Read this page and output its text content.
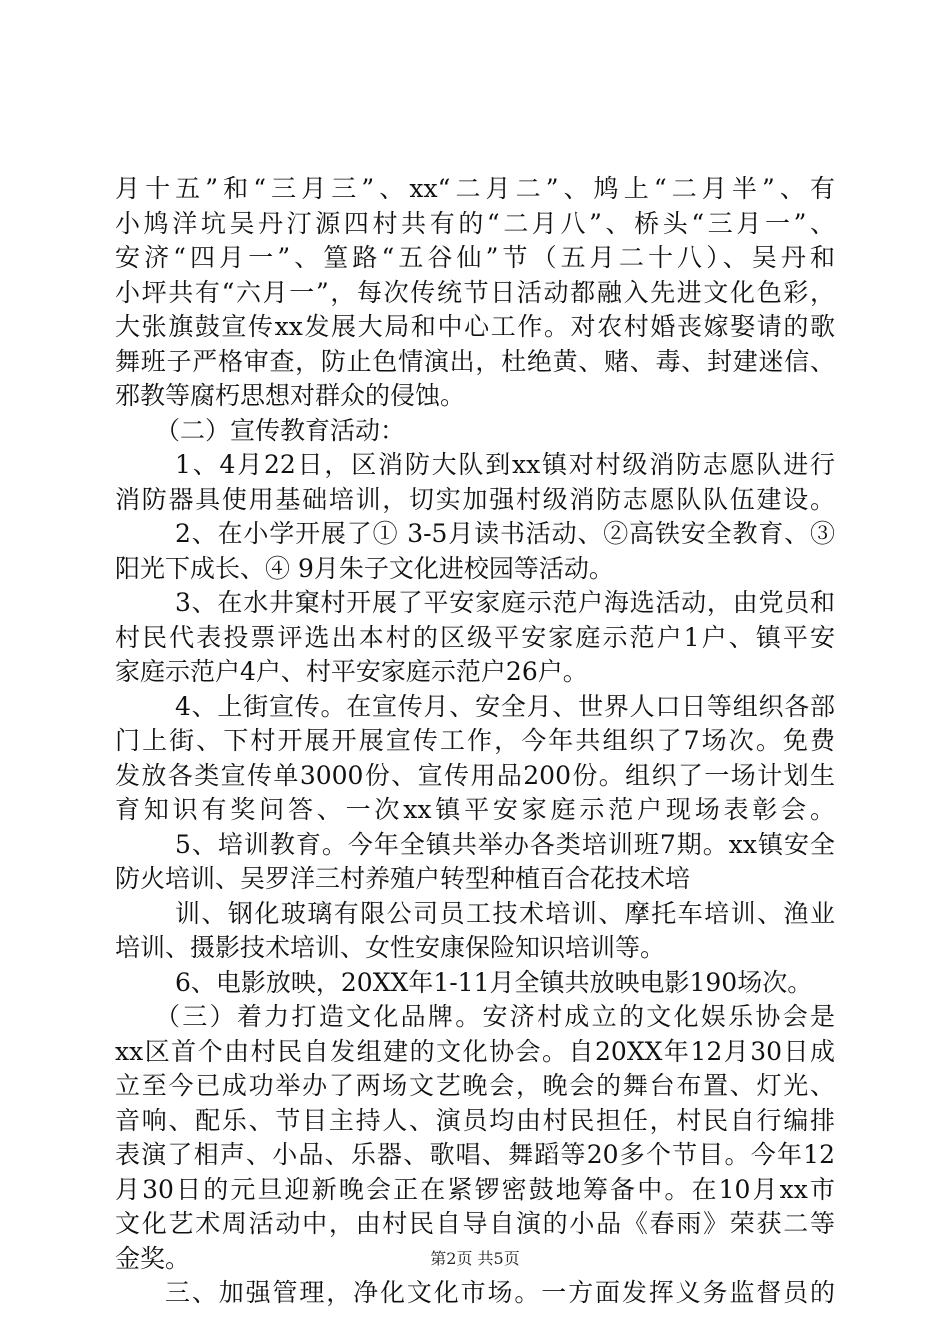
月十五”和“三月三”、xx“二月二”、鸠上“二月半”、有
小鸠洋坑吴丹汀源四村共有的“二月八”、桥头“三月一”、
安济“四月一”、篁路“五谷仙”节（五月二十八）、吴丹和
小坪共有“六月一”，每次传统节日活动都融入先进文化色彩，
大张旗鼓宣传xx发展大局和中心工作。对农村婚丧嫁娶请的歌
舞班子严格审查，防止色情演出，杜绝黄、赌、毒、封建迷信、
邪教等腐朽思想对群众的侵蚀。
（二）宣传教育活动：
1、4月22日，区消防大队到xx镇对村级消防志愿队进行
消防器具使用基础培训，切实加强村级消防志愿队队伍建设。
2、在小学开展了① 3-5月读书活动、②高铁安全教育、③
阳光下成长、④ 9月朱子文化进校园等活动。
3、在水井窠村开展了平安家庭示范户海选活动，由党员和
村民代表投票评选出本村的区级平安家庭示范户1户、镇平安
家庭示范户4户、村平安家庭示范户26户。
4、上街宣传。在宣传月、安全月、世界人口日等组织各部
门上街、下村开展开展宣传工作，今年共组织了7场次。免费
发放各类宣传单3000份、宣传用品200份。组织了一场计划生
育知识有奖问答、一次xx镇平安家庭示范户现场表彰会。
5、培训教育。今年全镇共举办各类培训班7期。xx镇安全
防火培训、吴罗洋三村养殖户转型种植百合花技术培
训、钢化玻璃有限公司员工技术培训、摩托车培训、渔业
培训、摄影技术培训、女性安康保险知识培训等。
6、电影放映，20XX年1-11月全镇共放映电影190场次。
（三）着力打造文化品牌。安济村成立的文化娱乐协会是
xx区首个由村民自发组建的文化协会。自20XX年12月30日成
立至今已成功举办了两场文艺晚会，晚会的舞台布置、灯光、
音响、配乐、节目主持人、演员均由村民担任，村民自行编排
表演了相声、小品、乐器、歌唱、舞蹈等20多个节目。今年12
月30日的元旦迎新晚会正在紧锣密鼓地筹备中。在10月xx市
文化艺术周活动中，由村民自导自演的小品《春雨》荣获二等
金奖。
三、加强管理，净化文化市场。一方面发挥义务监督员的
第2页 共5页
